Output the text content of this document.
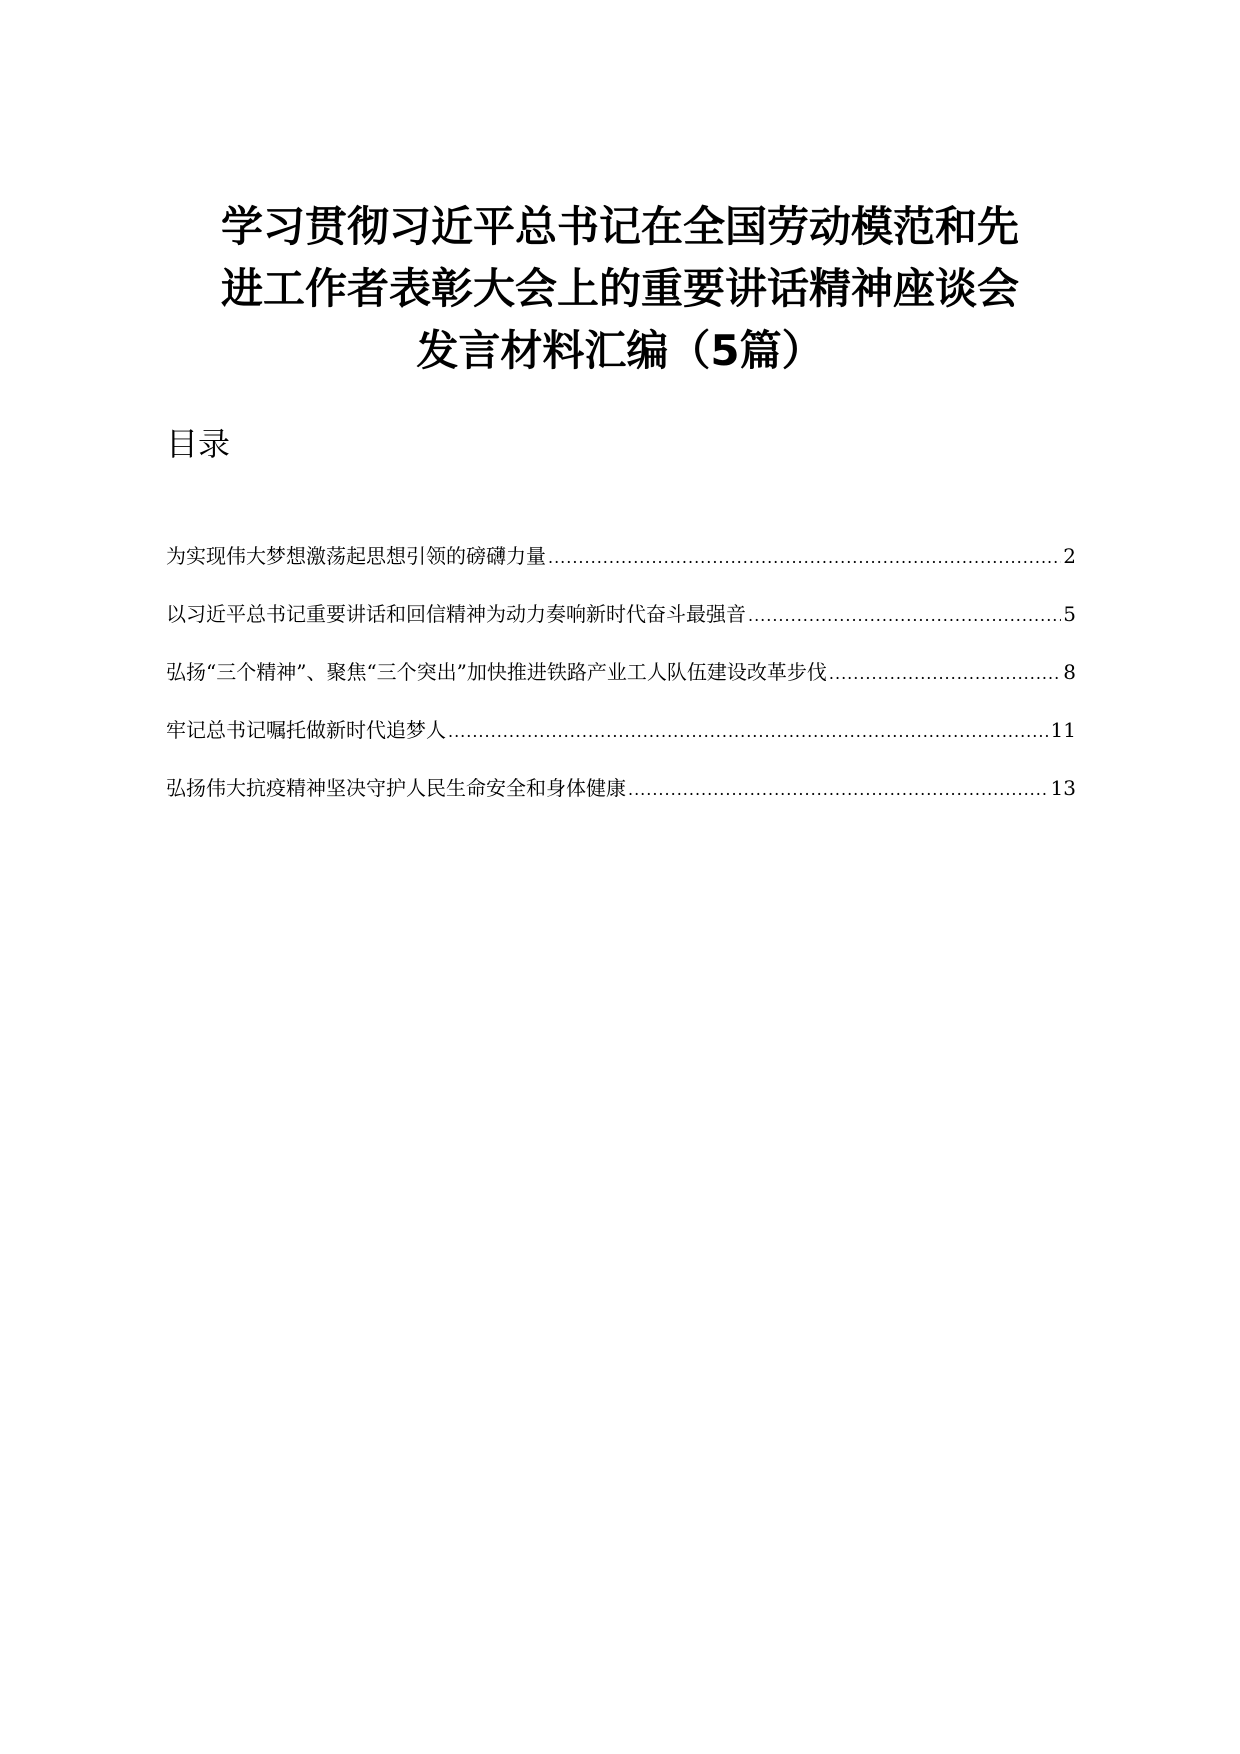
学习贯彻习近平总书记在全国劳动模范和先
进工作者表彰大会上的重要讲话精神座谈会
发言材料汇编（5篇）
目录
为实现伟大梦想激荡起思想引领的磅礴力量 .....	2
以习近平总书记重要讲话和回信精神为动力奏响新时代奋斗最强音 .....	5
弘扬“三个精神”、聚焦“三个突出”加快推进铁路产业工人队伍建设改革步伐 .....	8
牢记总书记嘱托做新时代追梦人 .....	11
弘扬伟大抗疫精神坚决守护人民生命安全和身体健康 .....	13
